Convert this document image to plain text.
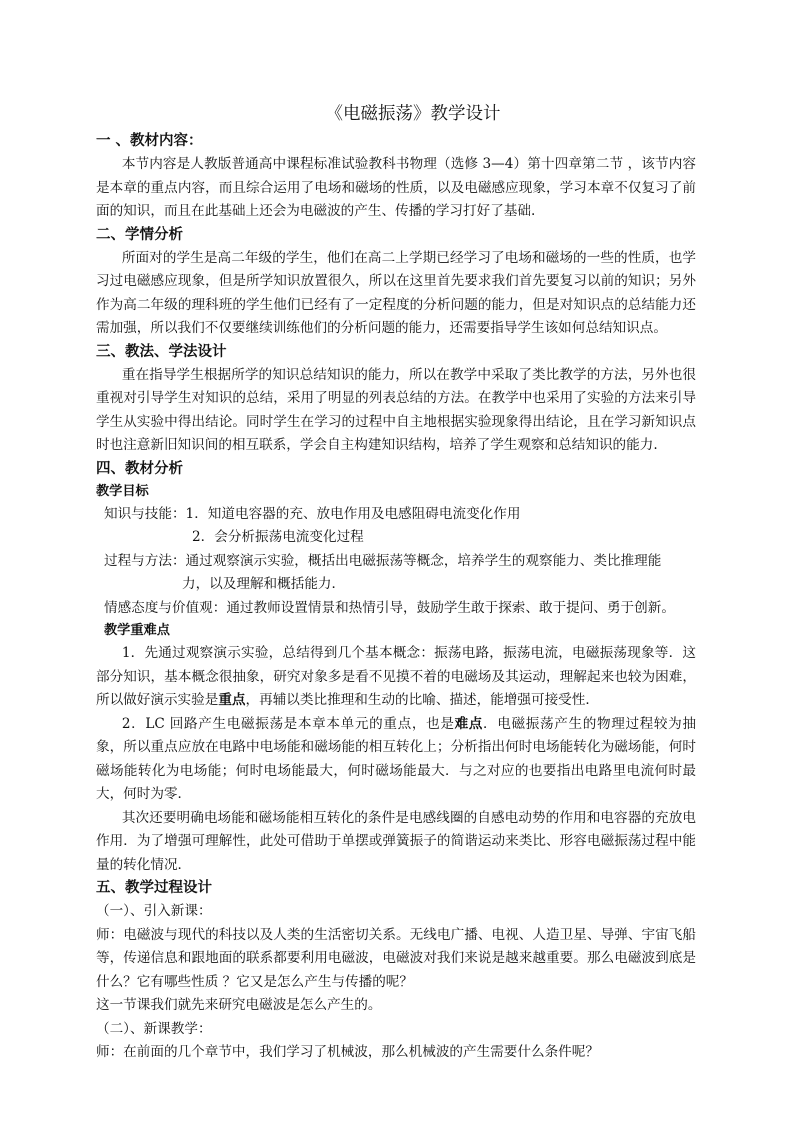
《电磁振荡》教学设计
一 、教材内容：
本节内容是人教版普通高中课程标准试验教科书物理（选修 3—4）第十四章第二节 ，该节内容是本章的重点内容，而且综合运用了电场和磁场的性质，以及电磁感应现象，学习本章不仅复习了前面的知识，而且在此基础上还会为电磁波的产生、传播的学习打好了基础.
二、学情分析
所面对的学生是高二年级的学生，他们在高二上学期已经学习了电场和磁场的一些的性质，也学习过电磁感应现象，但是所学知识放置很久，所以在这里首先要求我们首先要复习以前的知识；另外作为高二年级的理科班的学生他们已经有了一定程度的分析问题的能力，但是对知识点的总结能力还需加强，所以我们不仅要继续训练他们的分析问题的能力，还需要指导学生该如何总结知识点。
三、教法、学法设计
重在指导学生根据所学的知识总结知识的能力，所以在教学中采取了类比教学的方法，另外也很重视对引导学生对知识的总结，采用了明显的列表总结的方法。在教学中也采用了实验的方法来引导学生从实验中得出结论。同时学生在学习的过程中自主地根据实验现象得出结论，且在学习新知识点时也注意新旧知识间的相互联系，学会自主构建知识结构，培养了学生观察和总结知识的能力.
四、教材分析
教学目标
知识与技能：1．知道电容器的充、放电作用及电感阻碍电流变化作用
2．会分析振荡电流变化过程
过程与方法：通过观察演示实验，概括出电磁振荡等概念，培养学生的观察能力、类比推理能
力，以及理解和概括能力．
情感态度与价值观：通过教师设置情景和热情引导，鼓励学生敢于探索、敢于提问、勇于创新。
教学重难点
1．先通过观察演示实验，总结得到几个基本概念：振荡电路，振荡电流，电磁振荡现象等．这部分知识，基本概念很抽象，研究对象多是看不见摸不着的电磁场及其运动，理解起来也较为困难，所以做好演示实验是重点，再辅以类比推理和生动的比喻、描述，能增强可接受性．
2．LC 回路产生电磁振荡是本章本单元的重点，也是难点．电磁振荡产生的物理过程较为抽象，所以重点应放在电路中电场能和磁场能的相互转化上；分析指出何时电场能转化为磁场能，何时磁场能转化为电场能；何时电场能最大，何时磁场能最大．与之对应的也要指出电路里电流何时最大，何时为零．
其次还要明确电场能和磁场能相互转化的条件是电感线圈的自感电动势的作用和电容器的充放电作用．为了增强可理解性，此处可借助于单摆或弹簧振子的简谐运动来类比、形容电磁振荡过程中能量的转化情况．
五、教学过程设计
（一）、引入新课：
师：电磁波与现代的科技以及人类的生活密切关系。无线电广播、电视、人造卫星、导弹、宇宙飞船等，传递信息和跟地面的联系都要利用电磁波，电磁波对我们来说是越来越重要。那么电磁波到底是什么？它有哪些性质 ？它又是怎么产生与传播的呢？
这一节课我们就先来研究电磁波是怎么产生的。
（二）、新课教学：
师：在前面的几个章节中，我们学习了机械波，那么机械波的产生需要什么条件呢？
